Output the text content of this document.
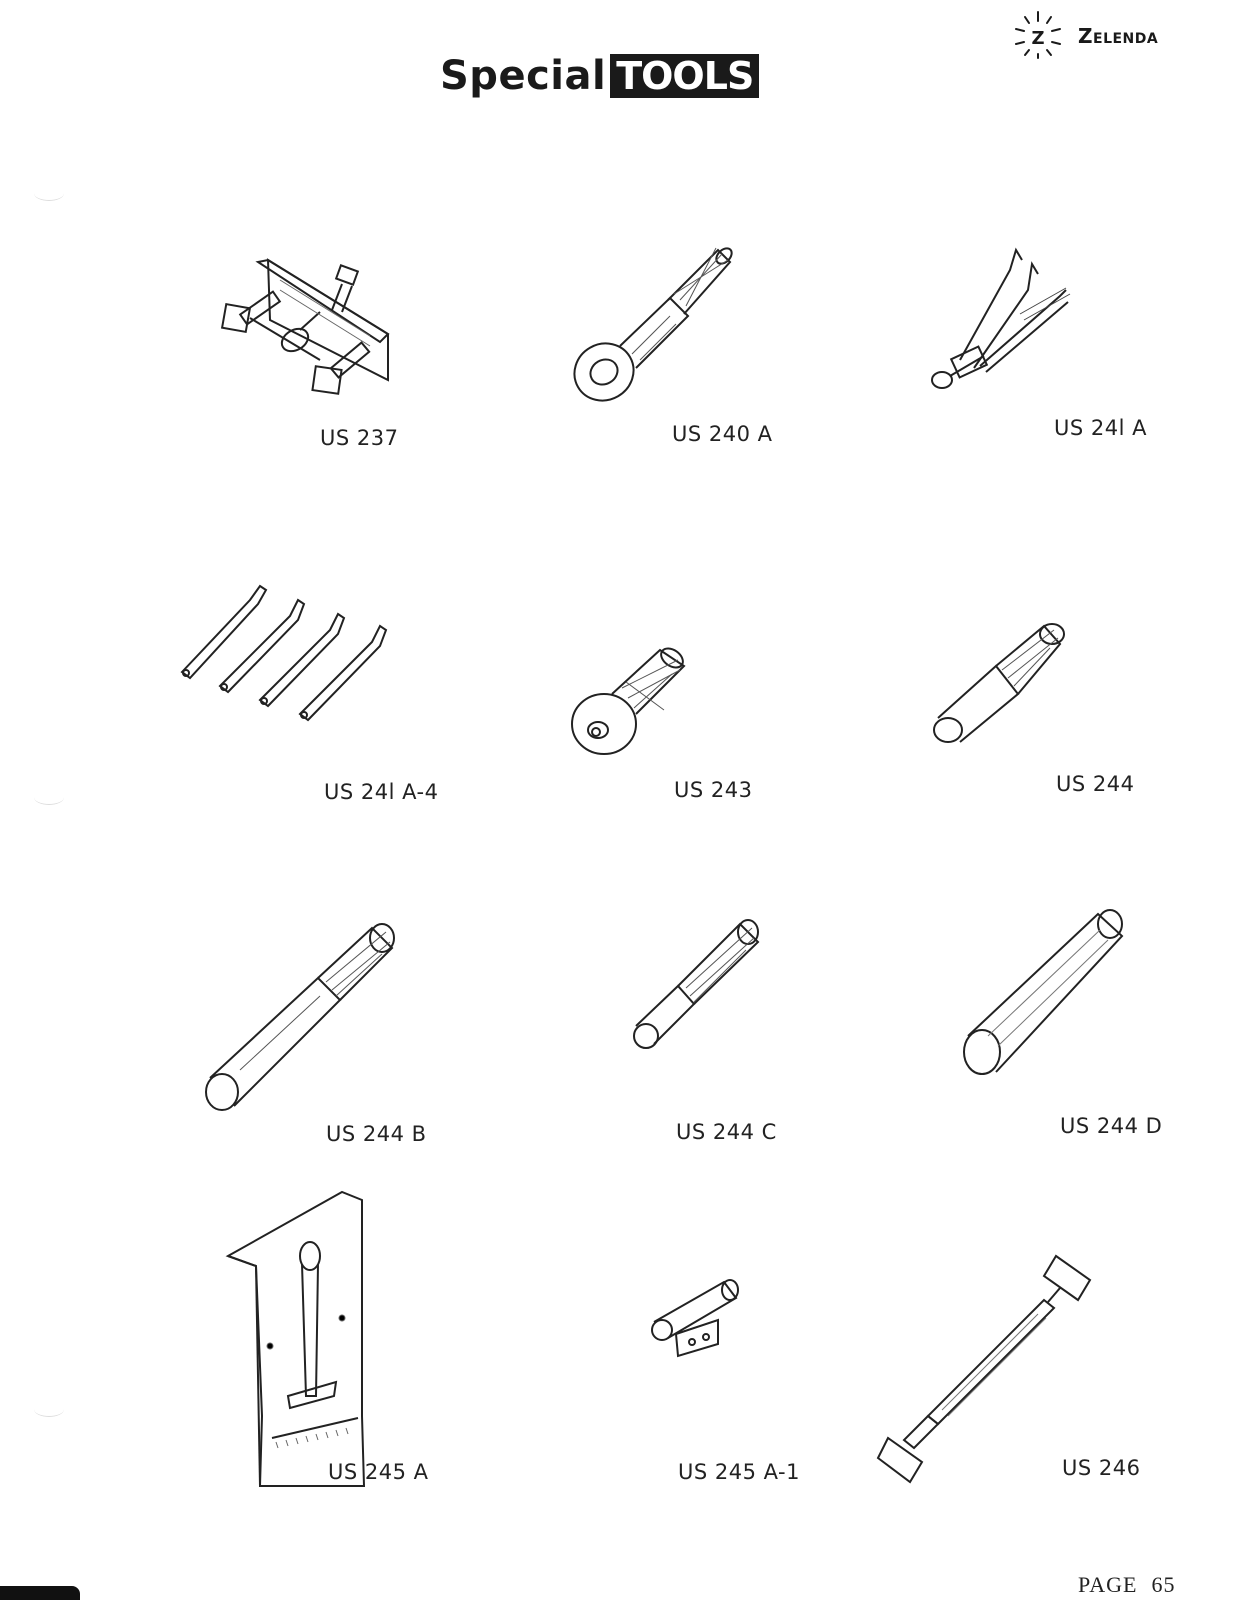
Special TOOLS
Z Zelenda
US 237	US 240 A	US 24l A
US 24l A-4	US 243	US 244
US 244 B	US 244 C	US 244 D
US 245 A	US 245 A-1	US 246
PAGE 65
